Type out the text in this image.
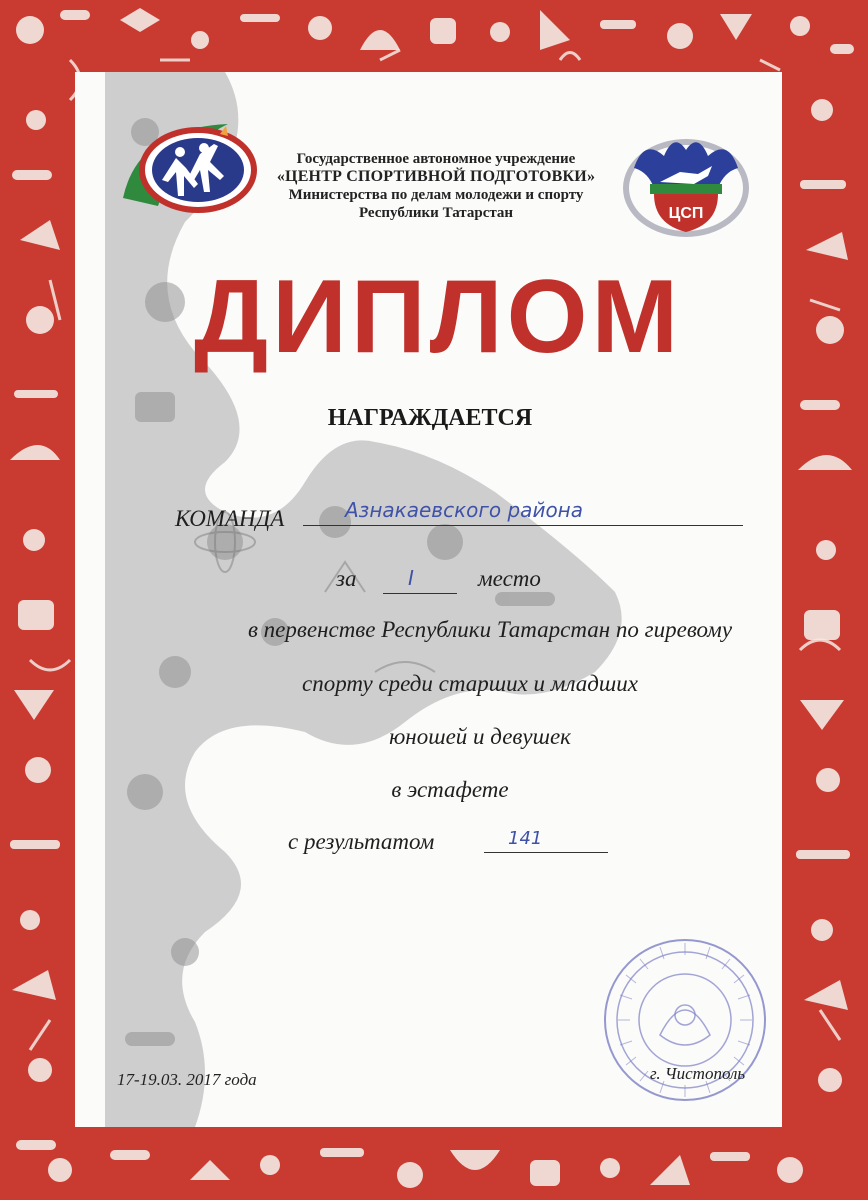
Государственное автономное учреждение
«ЦЕНТР СПОРТИВНОЙ ПОДГОТОВКИ»
Министерства по делам молодежи и спорту
Республики Татарстан	ЦСП
ДИПЛОМ
НАГРАЖДАЕТСЯ
КОМАНДА	Азнакаевского района
за	I	место
в первенстве Республики Татарстан по гиревому
спорту среди старших и младших
юношей и девушек
в эстафете
с результатом	141
17-19.03. 2017 года	г. Чистополь
